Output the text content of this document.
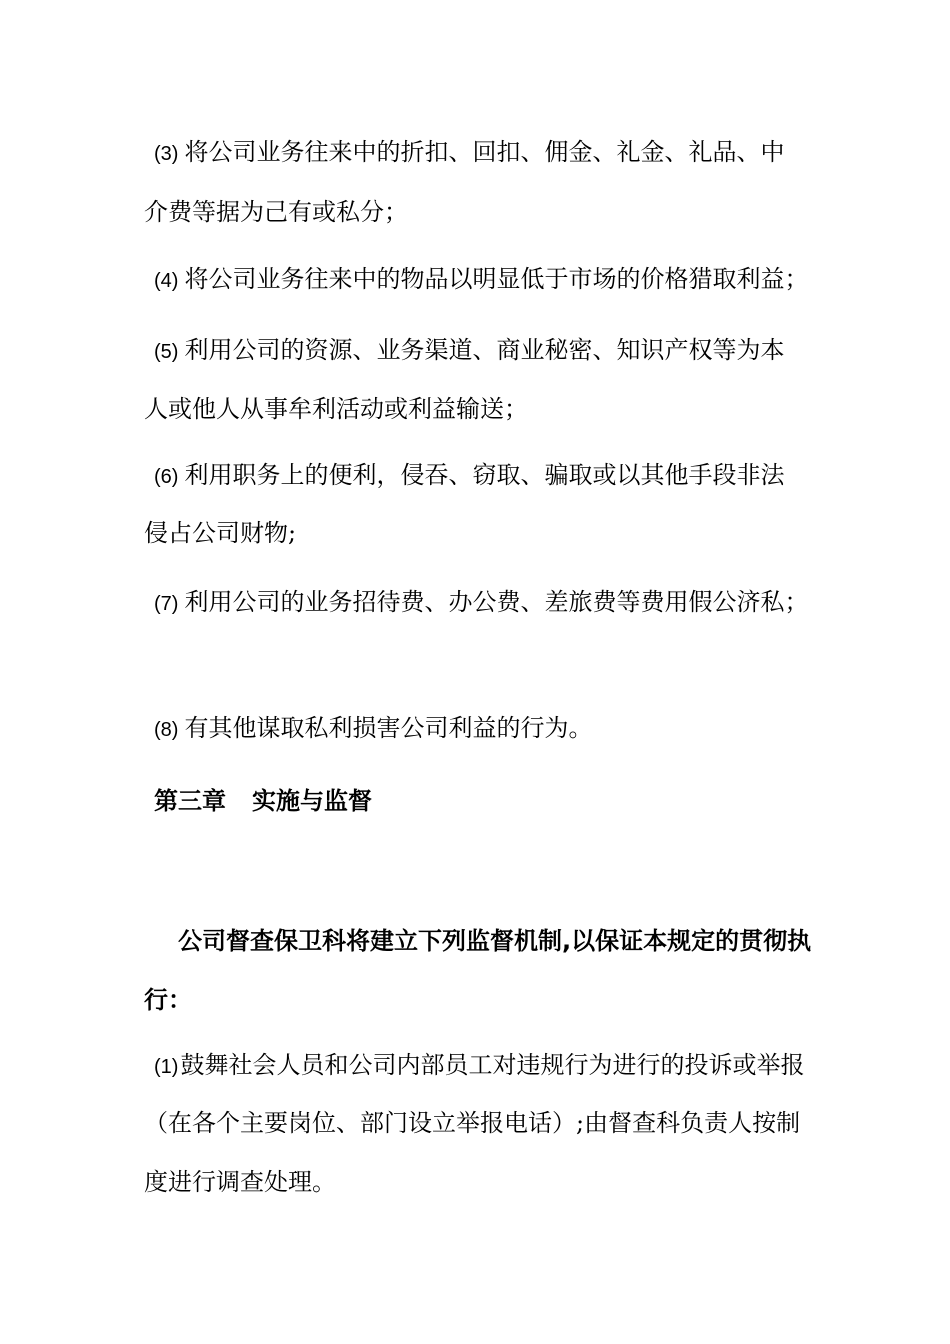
(3) 将公司业务往来中的折扣、回扣、佣金、礼金、礼品、中
介费等据为己有或私分；
(4) 将公司业务往来中的物品以明显低于市场的价格猎取利益；
(5) 利用公司的资源、业务渠道、商业秘密、知识产权等为本
人或他人从事牟利活动或利益输送；
(6) 利用职务上的便利，侵吞、窃取、骗取或以其他手段非法
侵占公司财物;
(7) 利用公司的业务招待费、办公费、差旅费等费用假公济私；
(8) 有其他谋取私利损害公司利益的行为。
第三章 实施与监督
公司督查保卫科将建立下列监督机制,以保证本规定的贯彻执
行：
(1)鼓舞社会人员和公司内部员工对违规行为进行的投诉或举报
（在各个主要岗位、部门设立举报电话）;由督查科负责人按制
度进行调查处理。
